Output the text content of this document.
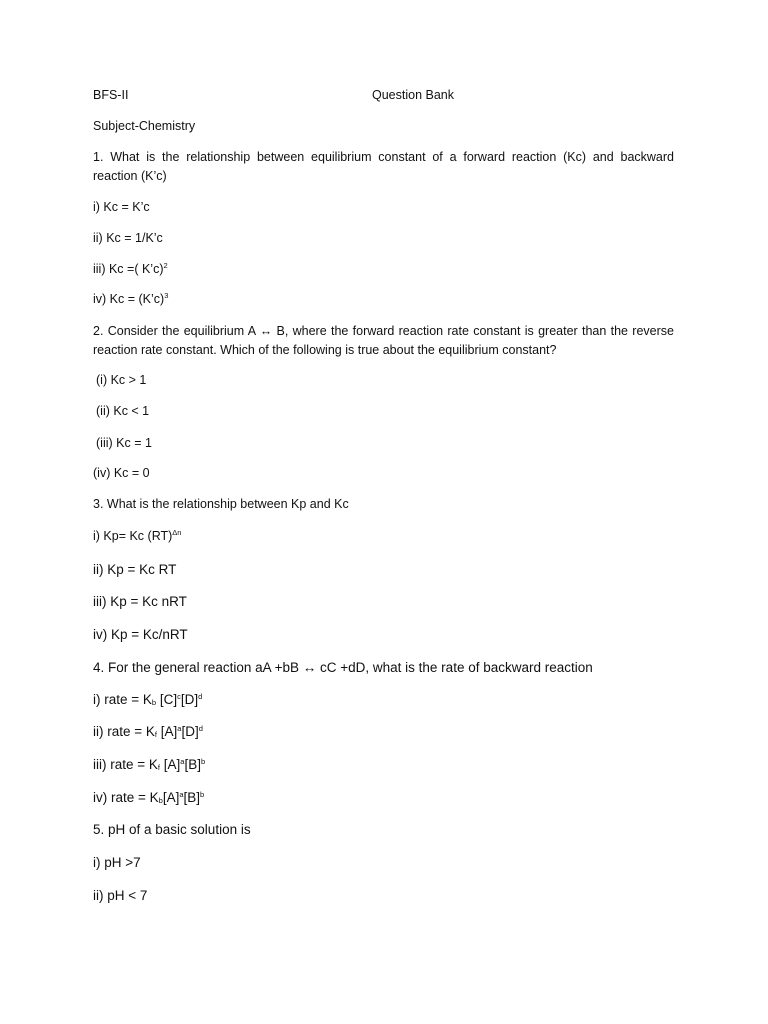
BFS-II	Question Bank

Subject-Chemistry

1. What is the relationship between equilibrium constant of a forward reaction (Kc) and backward reaction (K’c)

i) Kc = K’c

ii) Kc = 1/K’c

iii) Kc =( K’c)$^2$

iv) Kc = (K’c)$^3$

2. Consider the equilibrium A ↔ B, where the forward reaction rate constant is greater than the reverse reaction rate constant. Which of the following is true about the equilibrium constant?

(i) Kc > 1

(ii) Kc < 1

(iii) Kc = 1

(iv) Kc = 0

3. What is the relationship between Kp and Kc

i) Kp= Kc (RT)$^{\Delta n}$

ii) Kp = Kc RT

iii) Kp = Kc nRT

iv) Kp = Kc/nRT

4. For the general reaction aA +bB ↔ cC +dD, what is the rate of backward reaction

i) rate = $K_b$ $[C]^c[D]^d$

ii) rate = $K_f$ $[A]^a[D]^d$

iii) rate = $K_f$ $[A]^a[B]^b$

iv) rate = $K_b[A]^a[B]^b$

5. pH of a basic solution is

i) pH >7

ii) pH < 7
